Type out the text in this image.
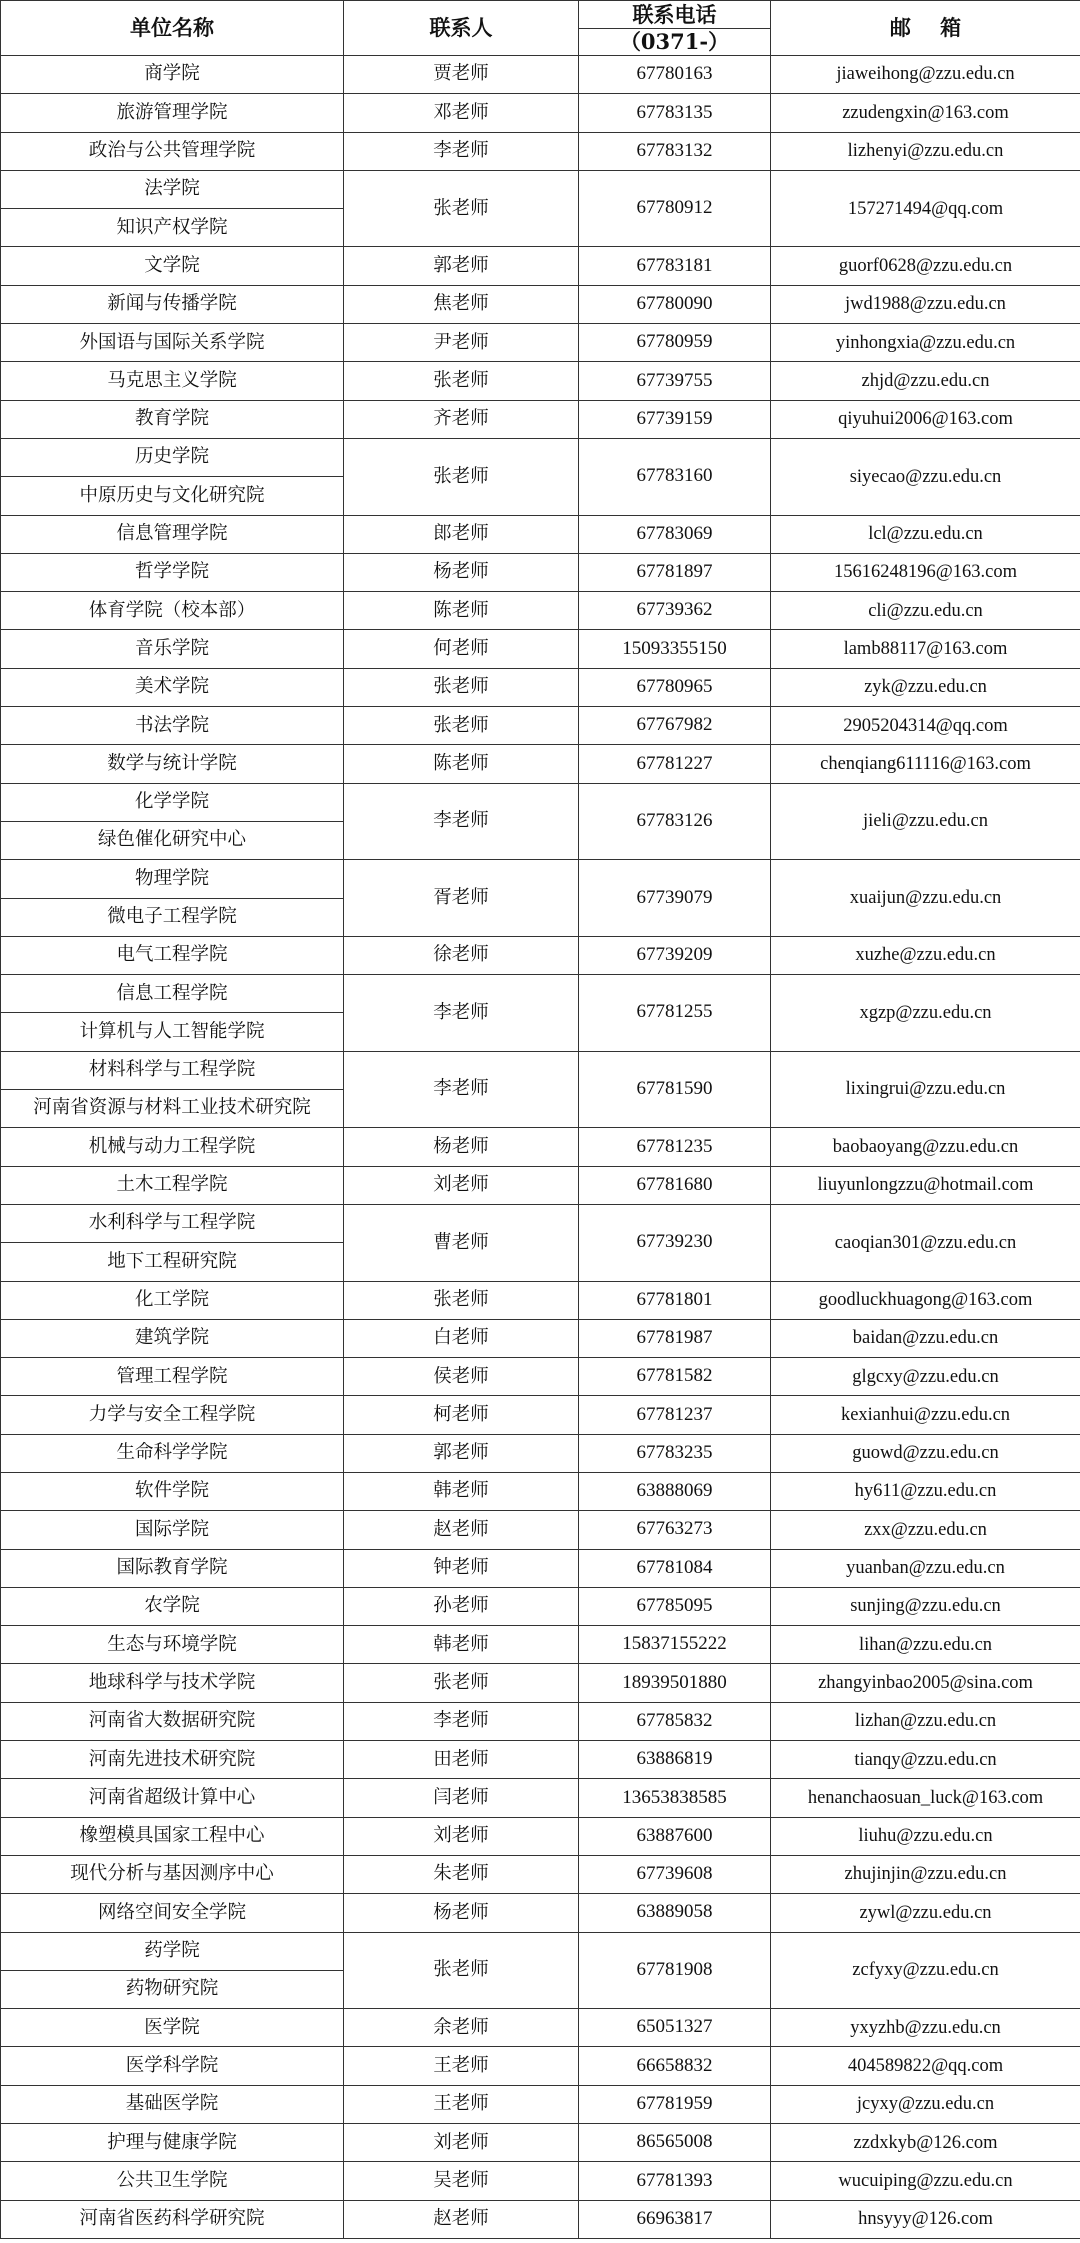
单位名称	联系人	联系电话	邮    箱
		（0371-）	
商学院	贾老师	67780163	jiaweihong@zzu.edu.cn
旅游管理学院	邓老师	67783135	zzudengxin@163.com
政治与公共管理学院	李老师	67783132	lizhenyi@zzu.edu.cn
法学院	张老师	67780912	157271494@qq.com
知识产权学院			
文学院	郭老师	67783181	guorf0628@zzu.edu.cn
新闻与传播学院	焦老师	67780090	jwd1988@zzu.edu.cn
外国语与国际关系学院	尹老师	67780959	yinhongxia@zzu.edu.cn
马克思主义学院	张老师	67739755	zhjd@zzu.edu.cn
教育学院	齐老师	67739159	qiyuhui2006@163.com
历史学院	张老师	67783160	siyecao@zzu.edu.cn
中原历史与文化研究院			
信息管理学院	郎老师	67783069	lcl@zzu.edu.cn
哲学学院	杨老师	67781897	15616248196@163.com
体育学院（校本部）	陈老师	67739362	cli@zzu.edu.cn
音乐学院	何老师	15093355150	lamb88117@163.com
美术学院	张老师	67780965	zyk@zzu.edu.cn
书法学院	张老师	67767982	2905204314@qq.com
数学与统计学院	陈老师	67781227	chenqiang611116@163.com
化学学院	李老师	67783126	jieli@zzu.edu.cn
绿色催化研究中心			
物理学院	胥老师	67739079	xuaijun@zzu.edu.cn
微电子工程学院			
电气工程学院	徐老师	67739209	xuzhe@zzu.edu.cn
信息工程学院	李老师	67781255	xgzp@zzu.edu.cn
计算机与人工智能学院			
材料科学与工程学院	李老师	67781590	lixingrui@zzu.edu.cn
河南省资源与材料工业技术研究院			
机械与动力工程学院	杨老师	67781235	baobaoyang@zzu.edu.cn
土木工程学院	刘老师	67781680	liuyunlongzzu@hotmail.com
水利科学与工程学院	曹老师	67739230	caoqian301@zzu.edu.cn
地下工程研究院			
化工学院	张老师	67781801	goodluckhuagong@163.com
建筑学院	白老师	67781987	baidan@zzu.edu.cn
管理工程学院	侯老师	67781582	glgcxy@zzu.edu.cn
力学与安全工程学院	柯老师	67781237	kexianhui@zzu.edu.cn
生命科学学院	郭老师	67783235	guowd@zzu.edu.cn
软件学院	韩老师	63888069	hy611@zzu.edu.cn
国际学院	赵老师	67763273	zxx@zzu.edu.cn
国际教育学院	钟老师	67781084	yuanban@zzu.edu.cn
农学院	孙老师	67785095	sunjing@zzu.edu.cn
生态与环境学院	韩老师	15837155222	lihan@zzu.edu.cn
地球科学与技术学院	张老师	18939501880	zhangyinbao2005@sina.com
河南省大数据研究院	李老师	67785832	lizhan@zzu.edu.cn
河南先进技术研究院	田老师	63886819	tianqy@zzu.edu.cn
河南省超级计算中心	闫老师	13653838585	henanchaosuan_luck@163.com
橡塑模具国家工程中心	刘老师	63887600	liuhu@zzu.edu.cn
现代分析与基因测序中心	朱老师	67739608	zhujinjin@zzu.edu.cn
网络空间安全学院	杨老师	63889058	zywl@zzu.edu.cn
药学院	张老师	67781908	zcfyxy@zzu.edu.cn
药物研究院			
医学院	余老师	65051327	yxyzhb@zzu.edu.cn
医学科学院	王老师	66658832	404589822@qq.com
基础医学院	王老师	67781959	jcyxy@zzu.edu.cn
护理与健康学院	刘老师	86565008	zzdxkyb@126.com
公共卫生学院	吴老师	67781393	wucuiping@zzu.edu.cn
河南省医药科学研究院	赵老师	66963817	hnsyyy@126.com
